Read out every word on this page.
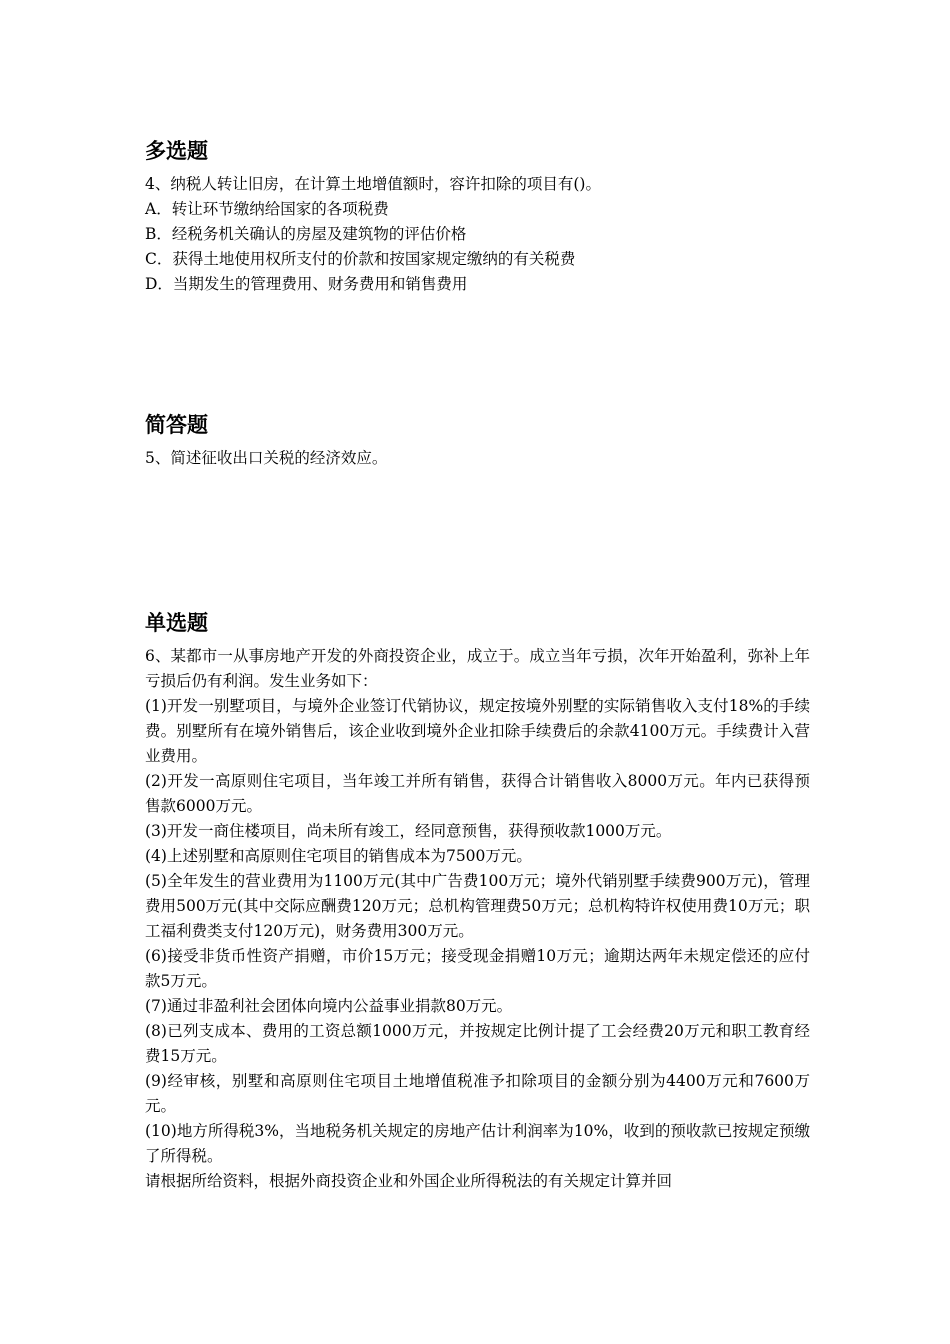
多选题

4、纳税人转让旧房，在计算土地增值额时，容许扣除的项目有()。

A．转让环节缴纳给国家的各项税费

B．经税务机关确认的房屋及建筑物的评估价格

C．获得土地使用权所支付的价款和按国家规定缴纳的有关税费

D．当期发生的管理费用、财务费用和销售费用

简答题

5、简述征收出口关税的经济效应。

单选题

6、某都市一从事房地产开发的外商投资企业，成立于。成立当年亏损，次年开始盈利，弥补上年亏损后仍有利润。发生业务如下：

(1)开发一别墅项目，与境外企业签订代销协议，规定按境外别墅的实际销售收入支付18%的手续费。别墅所有在境外销售后，该企业收到境外企业扣除手续费后的余款4100万元。手续费计入营业费用。

(2)开发一高原则住宅项目，当年竣工并所有销售，获得合计销售收入8000万元。年内已获得预售款6000万元。

(3)开发一商住楼项目，尚未所有竣工，经同意预售，获得预收款1000万元。

(4)上述别墅和高原则住宅项目的销售成本为7500万元。

(5)全年发生的营业费用为1100万元(其中广告费100万元；境外代销别墅手续费900万元)，管理费用500万元(其中交际应酬费120万元；总机构管理费50万元；总机构特许权使用费10万元；职工福利费类支付120万元)，财务费用300万元。

(6)接受非货币性资产捐赠，市价15万元；接受现金捐赠10万元；逾期达两年未规定偿还的应付款5万元。

(7)通过非盈利社会团体向境内公益事业捐款80万元。

(8)已列支成本、费用的工资总额1000万元，并按规定比例计提了工会经费20万元和职工教育经费15万元。

(9)经审核，别墅和高原则住宅项目土地增值税准予扣除项目的金额分别为4400万元和7600万元。

(10)地方所得税3%，当地税务机关规定的房地产估计利润率为10%，收到的预收款已按规定预缴了所得税。

请根据所给资料，根据外商投资企业和外国企业所得税法的有关规定计算并回
